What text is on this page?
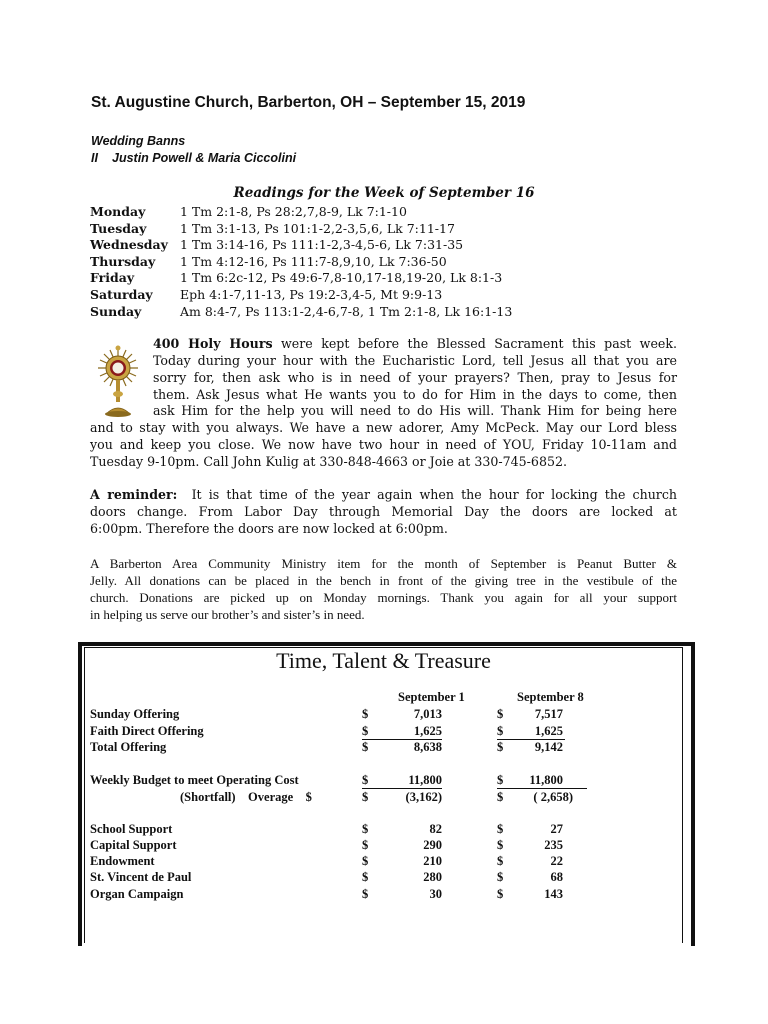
St. Augustine Church, Barberton, OH – September 15, 2019
Wedding Banns
II Justin Powell & Maria Ciccolini
Readings for the Week of September 16
Monday	1 Tm 2:1-8, Ps 28:2,7,8-9, Lk 7:1-10
Tuesday	1 Tm 3:1-13, Ps 101:1-2,2-3,5,6, Lk 7:11-17
Wednesday 1 Tm 3:14-16, Ps 111:1-2,3-4,5-6, Lk 7:31-35
Thursday 1 Tm 4:12-16, Ps 111:7-8,9,10, Lk 7:36-50
Friday	1 Tm 6:2c-12, Ps 49:6-7,8-10,17-18,19-20, Lk 8:1-3
Saturday Eph 4:1-7,11-13, Ps 19:2-3,4-5, Mt 9:9-13
Sunday	Am 8:4-7, Ps 113:1-2,4-6,7-8, 1 Tm 2:1-8, Lk 16:1-13
400 Holy Hours were kept before the Blessed Sacrament this past week.
Today during your hour with the Eucharistic Lord, tell Jesus all that you are
sorry for, then ask who is in need of your prayers? Then, pray to Jesus for
them. Ask Jesus what He wants you to do for Him in the days to come, then
ask Him for the help you will need to do His will. Thank Him for being here
and to stay with you always. We have a new adorer, Amy McPeck. May our Lord bless
you and keep you close. We now have two hour in need of YOU, Friday 10-11am and
Tuesday 9-10pm. Call John Kulig at 330-848-4663 or Joie at 330-745-6852.
A reminder: It is that time of the year again when the hour for locking the church
doors change. From Labor Day through Memorial Day the doors are locked at
6:00pm. Therefore the doors are now locked at 6:00pm.
A Barberton Area Community Ministry item for the month of September is Peanut Butter &
Jelly. All donations can be placed in the bench in front of the giving tree in the vestibule of the
church. Donations are picked up on Monday mornings. Thank you again for all your support
in helping us serve our brother’s and sister’s in need.
Time, Talent & Treasure
September 1	September 8
Sunday Offering	$	7,013	$	7,517
Faith Direct Offering	$	1,625	$	1,625
Total Offering	$	8,638	$	9,142
Weekly Budget to meet Operating Cost	$	11,800	$	11,800
(Shortfall)    Overage    $	$	(3,162)	$	( 2,658)
School Support	$	82	$	27
Capital Support	$	290	$	235
Endowment	$	210	$	22
St. Vincent de Paul	$	280	$	68
Organ Campaign	$	30	$	143
